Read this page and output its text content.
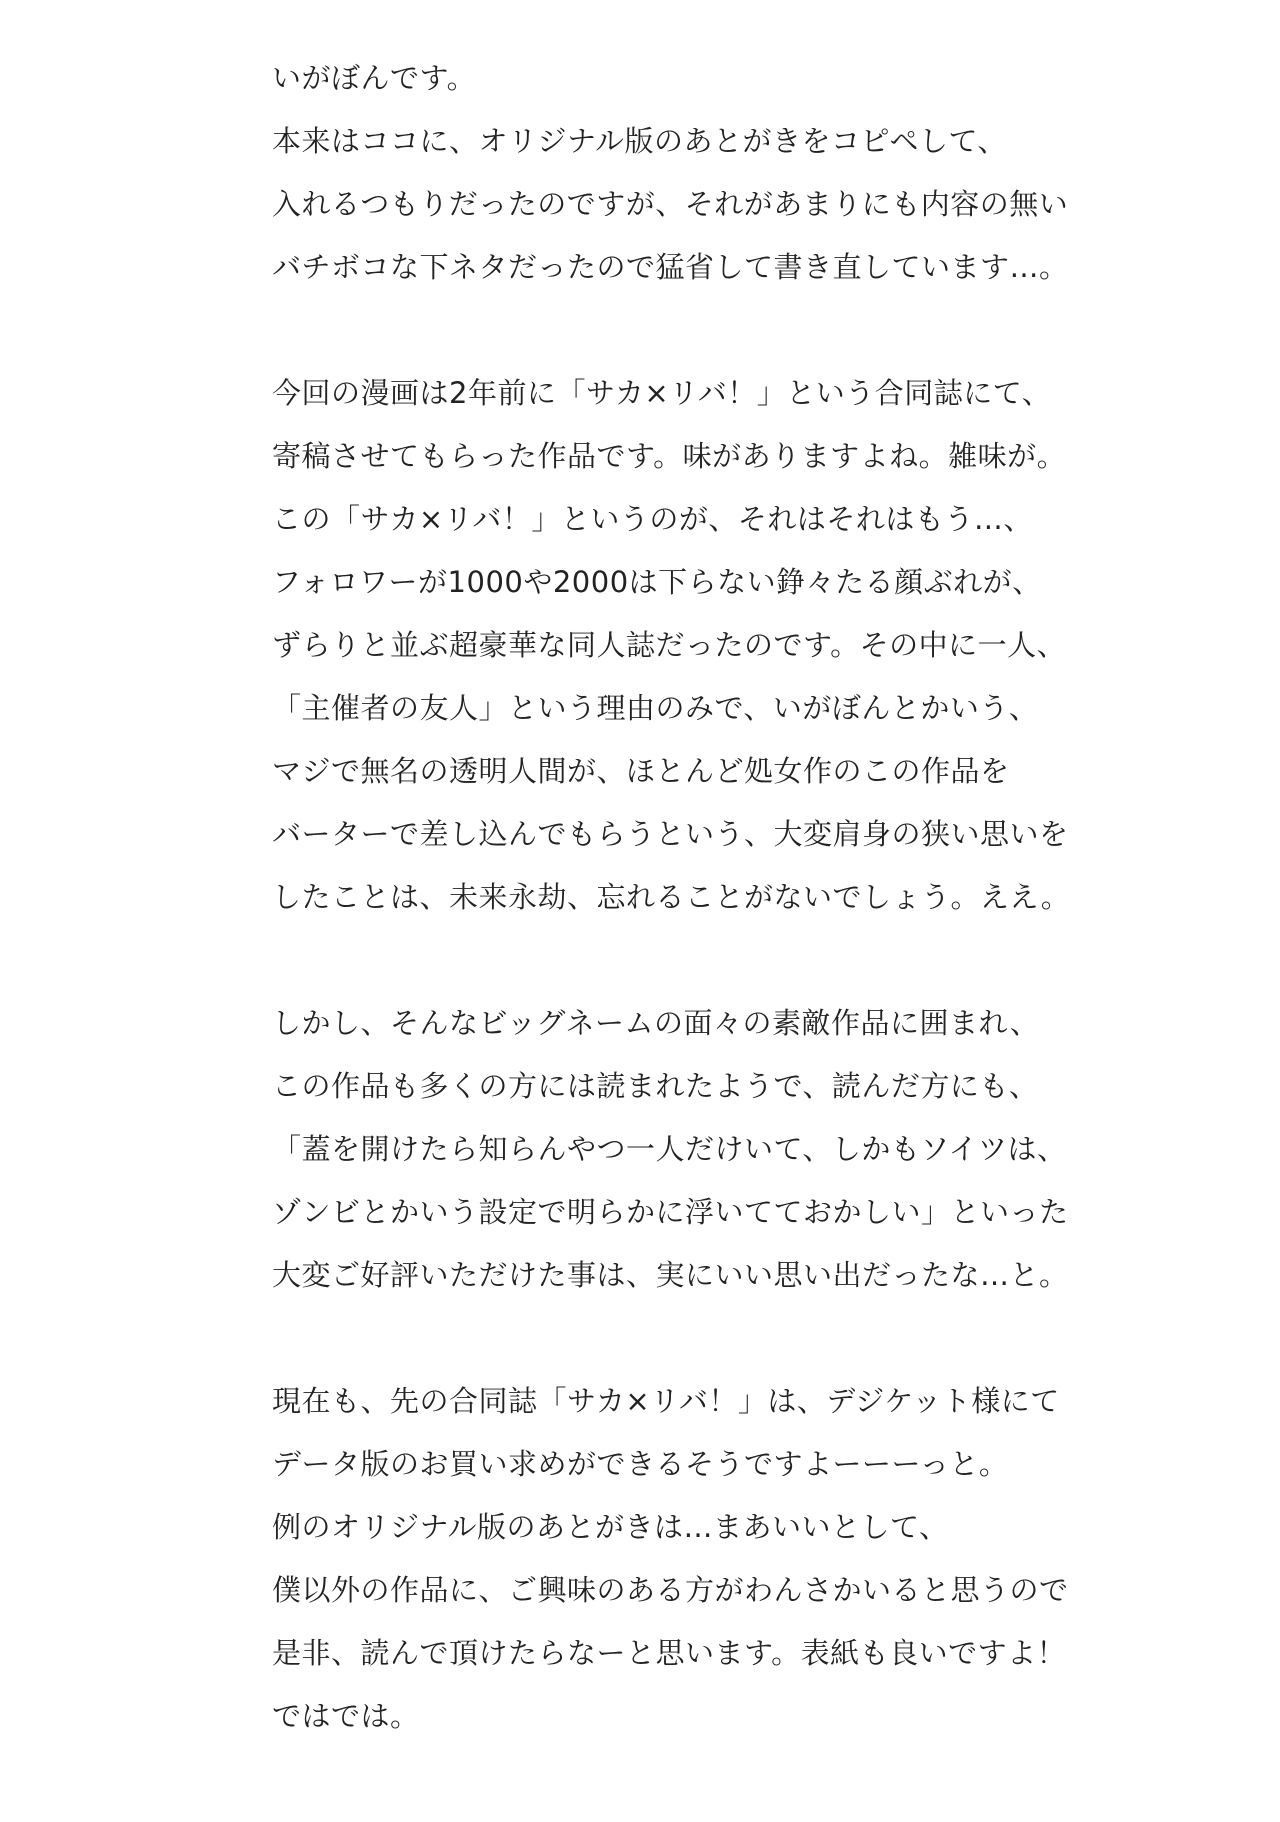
いがぼんです。
本来はココに、オリジナル版のあとがきをコピペして、
入れるつもりだったのですが、それがあまりにも内容の無い
バチボコな下ネタだったので猛省して書き直しています…。
今回の漫画は2年前に「サカ×リバ！」という合同誌にて、
寄稿させてもらった作品です。味がありますよね。雑味が。
この「サカ×リバ！」というのが、それはそれはもう…、
フォロワーが1000や2000は下らない錚々たる顔ぶれが、
ずらりと並ぶ超豪華な同人誌だったのです。その中に一人、
「主催者の友人」という理由のみで、いがぼんとかいう、
マジで無名の透明人間が、ほとんど処女作のこの作品を
バーターで差し込んでもらうという、大変肩身の狭い思いを
したことは、未来永劫、忘れることがないでしょう。ええ。
しかし、そんなビッグネームの面々の素敵作品に囲まれ、
この作品も多くの方には読まれたようで、読んだ方にも、
「蓋を開けたら知らんやつ一人だけいて、しかもソイツは、
ゾンビとかいう設定で明らかに浮いてておかしい」といった
大変ご好評いただけた事は、実にいい思い出だったな…と。
現在も、先の合同誌「サカ×リバ！」は、デジケット様にて
データ版のお買い求めができるそうですよーーーっと。
例のオリジナル版のあとがきは…まあいいとして、
僕以外の作品に、ご興味のある方がわんさかいると思うので
是非、読んで頂けたらなーと思います。表紙も良いですよ！
ではでは。
